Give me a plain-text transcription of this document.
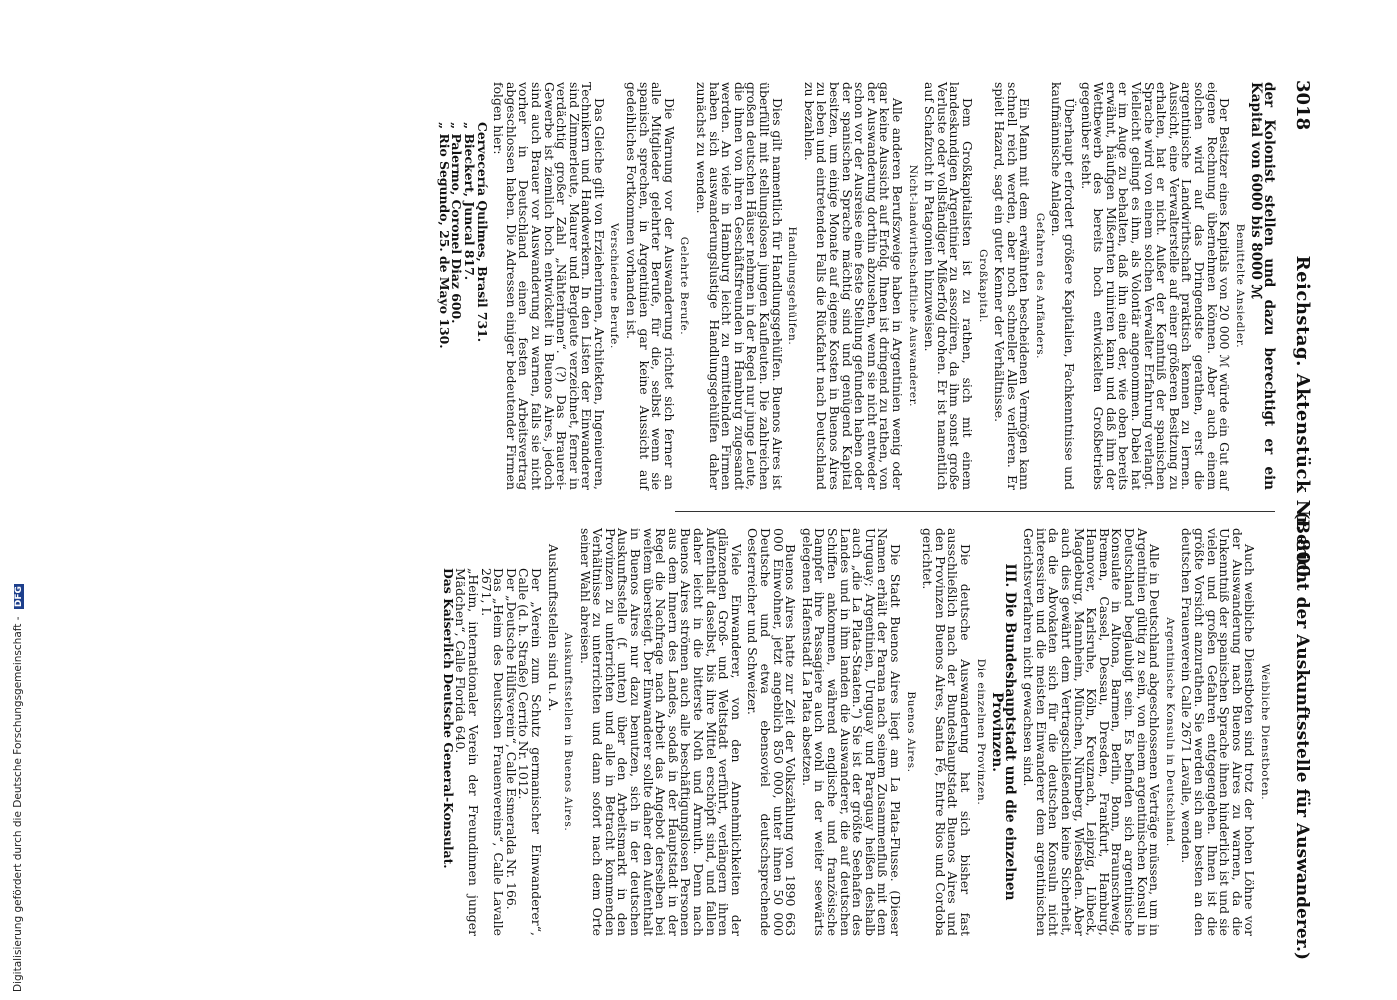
3018
Reichstag. Aktenstück Nr. 800.
(Bericht der Auskunftsstelle für Auswanderer.)

der Kolonist stellen und dazu berechtigt er ein Kapital von 6000 bis 8000 ℳ

Bemittelte Ansiedler.

Der Besitzer eines Kapitals von 20 000 ℳ würde ein Gut auf eigene Rechnung übernehmen können. Aber auch einem solchen wird auf das Dringendste gerathen, erst die argentinische Landwirthschaft praktisch kennen zu lernen. Aussicht, eine Verwalterstelle auf einer größeren Besitzung zu erhalten, hat er nicht. Außer der Kenntniß der spanischen Sprache wird von einem solchen Verwalter Erfahrung verlangt. Vielleicht gelingt es ihm, als Volontär angenommen. Dabei hat er im Auge zu behalten, daß ihn eine der, wie oben bereits erwähnt, häufigen Mißernten ruiniren kann und daß ihm der Wettbewerb des bereits hoch entwickelten Großbetriebs gegenüber steht.

Überhaupt erfordert größere Kapitalien, Fachkenntnisse und kaufmännische Anlagen.

Gefahren des Anfänders.

Ein Mann mit dem erwähnten bescheidenen Vermögen kann schnell reich werden, aber noch schneller Alles verlieren. Er spielt Hazard, sagt ein guter Kenner der Verhältnisse.

Großkapital.

Dem Großkapitalisten ist zu rathen, sich mit einem landeskundigen Argentinier zu assoziiren, da ihm sonst große Verluste oder vollständiger Mißerfolg drohen. Er ist namentlich auf Schafzucht in Patagonien hinzuweisen.

Nicht-landwirthschaftliche Auswanderer.

Alle anderen Berufszweige haben in Argentinien wenig oder gar keine Aussicht auf Erfolg. Ihnen ist dringend zu rathen, von der Auswanderung dorthin abzusehen, wenn sie nicht entweder schon vor der Ausreise eine feste Stellung gefunden haben oder der spanischen Sprache mächtig sind und genügend Kapital besitzen, um einige Monate auf eigene Kosten in Buenos Aires zu leben und eintretenden Falls die Rückfahrt nach Deutschland zu bezahlen.

Handlungsgehülfen.

Dies gilt namentlich für Handlungsgehülfen. Buenos Aires ist überfüllt mit stellungslosen jungen Kaufleuten. Die zahlreichen großen deutschen Häuser nehmen in der Regel nur junge Leute, die ihnen von ihren Geschäftsfreunden in Hamburg zugesandt werden. An viele in Hamburg leicht zu ermittelnden Firmen haben sich auswanderungslustige Handlungsgehülfen daher zunächst zu wenden.

Gelehrte Berufe.

Die Warnung vor der Auswanderung richtet sich ferner an alle Mitglieder gelehrter Berufe, für die, selbst wenn sie spanisch sprechen, in Argentinien gar keine Aussicht auf gedeihliches Fortkommen vorhanden ist.

Verschiedene Berufe.

Das Gleiche gilt von Erzieherinnen, Architekten, Ingenieuren, Technikern und Handwerkern. In den Listen der Einwanderer sind Zimmerleute, Maurer und Bergleute verzeichnet, ferner in verdächtig großer Zahl „Nähterinnen“. (?) Das Brauerei-Gewerbe ist ziemlich hoch entwickelt in Buenos Aires, jedoch sind auch Brauer vor Auswanderung zu warnen, falls sie nicht vorher in Deutschland einen festen Arbeitsvertrag abgeschlossen haben. Die Adressen einiger bedeutender Firmen folgen hier:

Cervecería Quilmes, Brasil 731.

„ Bieckert, Juncal 817.

„ Palermo, Coronel Diaz 600.

„ Rio Segundo, 25. de Mayo 130.

Weibliche Dienstboten.

Auch weibliche Dienstboten sind trotz der hohen Löhne vor der Auswanderung nach Buenos Aires zu warnen, da die Unkenntniß der spanischen Sprache ihnen hinderlich ist und sie vielen und großen Gefahren entgegengehen. Ihnen ist die größte Vorsicht anzurathen. Sie werden sich am besten an den deutschen Frauenverein Calle 2671 Lavalle, wenden.

Argentinische Konsuln in Deutschland.

Alle in Deutschland abgeschlossenen Verträge müssen, um in Argentinien gültig zu sein, von einem argentinischen Konsul in Deutschland beglaubigt sein. Es befinden sich argentinische Konsulate in Altona, Barmen, Berlin, Bonn, Braunschweig, Bremen, Cassel, Dessau, Dresden, Frankfurt, Hamburg, Hannover, Karlsruhe, Köln, Kreuznach, Leipzig, Lübeck, Magdeburg, Mannheim, München, Nürnberg, Wiesbaden. Aber auch dies gewährt dem Vertragschließenden keine Sicherheit, da die Abvokaten sich für die deutschen Konsuln nicht interessiren und die meisten Einwanderer dem argentinischen Gerichtsverfahren nicht gewachsen sind.

III. Die Bundeshauptstadt und die einzelnen Provinzen.
Die einzelnen Provinzen.

Die deutsche Auswanderung hat sich bisher fast ausschließlich nach der Bundeshauptstadt Buenos Aires und den Provinzen Buenos Aires, Santa Fé, Entre Rios und Cordoba gerichtet.

Buenos Aires.

Die Stadt Buenos Aires liegt am La Plata-Flusse. (Dieser Namen erhält der Parana nach seinem Zusammenfluß mit dem Uruguay; Argentinien, Uruguay und Paraguay heißen deshalb auch „die La Plata-Staaten.“) Sie ist der größte Seehafen des Landes und in ihm landen die Auswanderer, die auf deutschen Schiffen ankommen, während englische und französische Dampfer ihre Passagiere auch wohl in der weiter seewärts gelegenen Hafenstadt La Plata absetzen.

Buenos Aires hatte zur Zeit der Volkszählung von 1890 663 000 Einwohner, jetzt angeblich 850 000, unter ihnen 50 000 Deutsche und etwa ebensoviel deutschsprechende Oesterreicher und Schweizer.

Viele Einwanderer, von den Annehmlichkeiten der glänzenden Groß- und Weltstadt verführt, verlängern ihren Aufenthalt daselbst, bis ihre Mittel erschöpft sind, und fallen daher leicht in die bitterste Noth und Armuth. Denn nach Buenos Aires strömen auch alle beschäftigungslosen Personen aus dem Innern des Landes, sodaß in der Hauptstadt in der Regel die Nachfrage nach Arbeit das Angebot derselben bei weitem übersteigt. Der Einwanderer sollte daher den Aufenthalt in Buenos Aires nur dazu benutzen, sich in der deutschen Auskunftsstelle (f. unten) über den Arbeitsmarkt in den Provinzen zu unterrichten und alle in Betracht kommenden Verhältnisse zu unterrichten und dann sofort nach dem Orte seiner Wahl abreisen.

Auskunftsstellen in Buenos Aires.

Auskunftsstellen sind u. A.

Der „Verein zum Schutz germanischer Einwanderer“, Calle (d. h. Straße) Cerrito Nr. 1012.

Der „Deutsche Hülfsverein“, Calle Esmeralda Nr. 166.

Das „Heim des Deutschen Frauenvereins“, Calle Lavalle 2671, I.

„Heim, internationaler Verein der Freundinnen junger Mädchen“, Calle Florida 640.

Das Kaiserlich Deutsche General-Konsulat.

Digitalisierung gefördert durch die Deutsche Forschungsgemeinschaft - DFG
